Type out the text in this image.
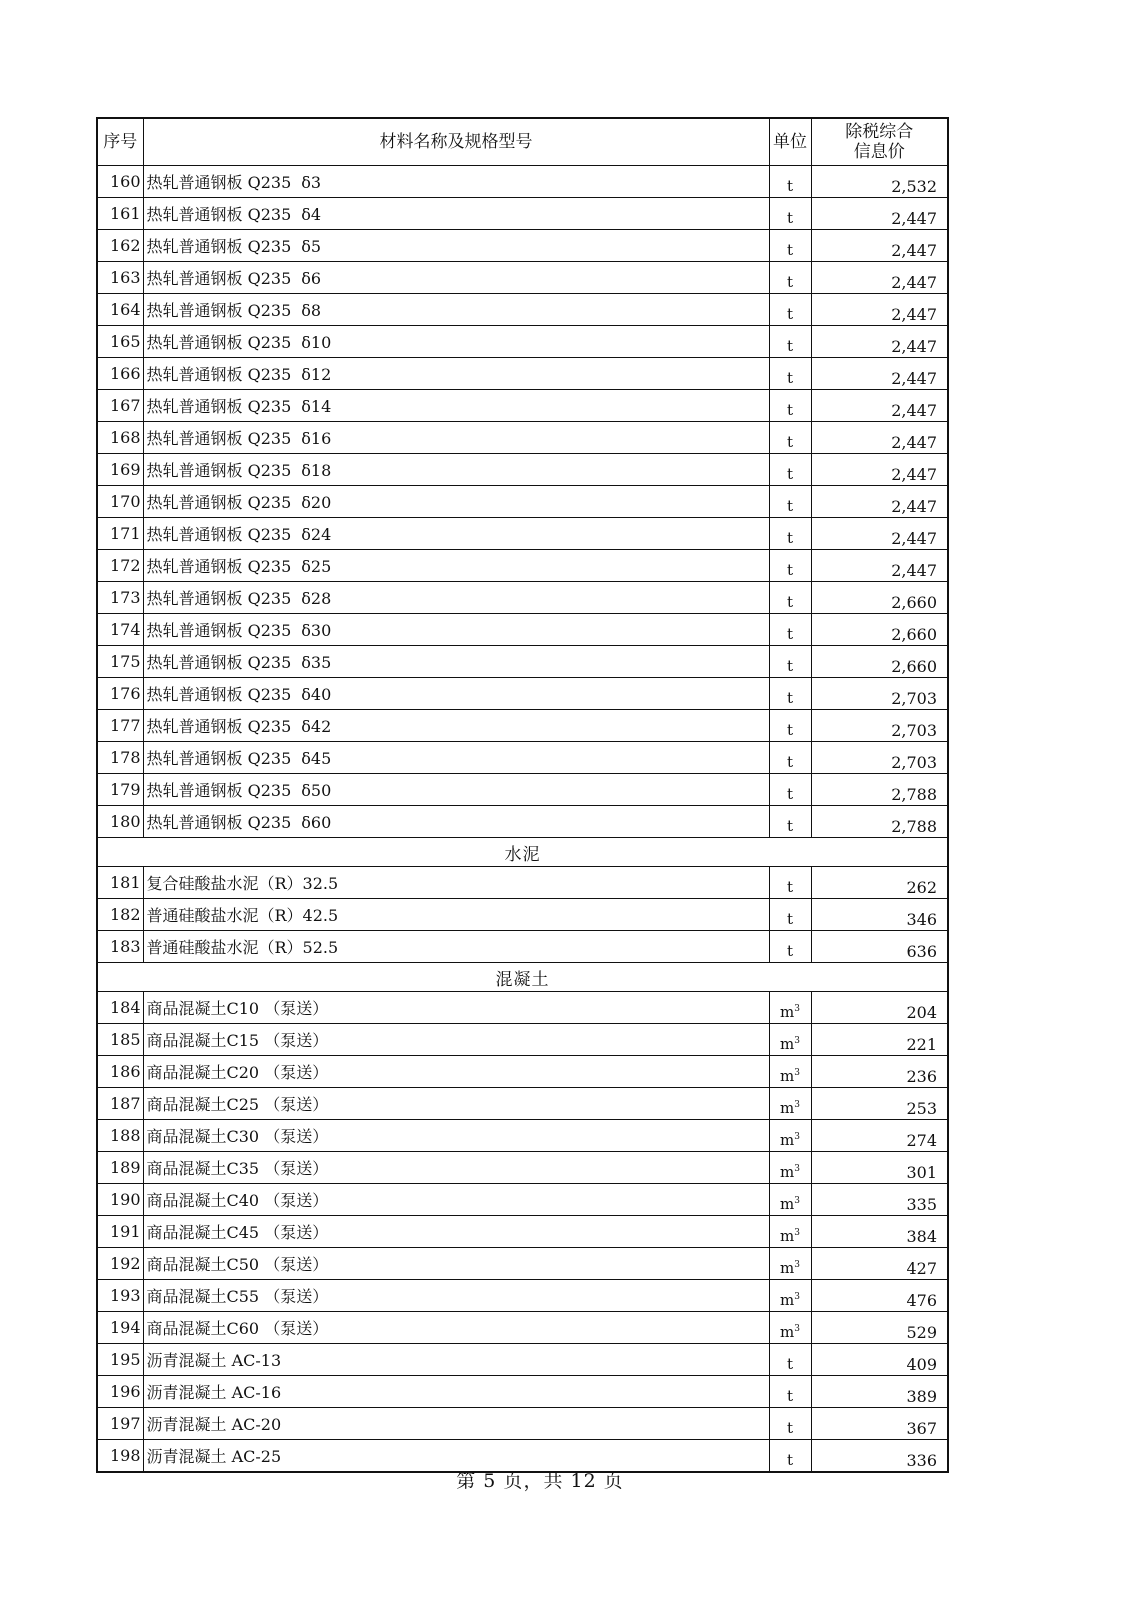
序号	材料名称及规格型号	单位	除税综合
信息价

160	热轧普通钢板 Q235 δ3	t	2,532
161	热轧普通钢板 Q235 δ4	t	2,447
162	热轧普通钢板 Q235 δ5	t	2,447
163	热轧普通钢板 Q235 δ6	t	2,447
164	热轧普通钢板 Q235 δ8	t	2,447
165	热轧普通钢板 Q235 δ10	t	2,447
166	热轧普通钢板 Q235 δ12	t	2,447
167	热轧普通钢板 Q235 δ14	t	2,447
168	热轧普通钢板 Q235 δ16	t	2,447
169	热轧普通钢板 Q235 δ18	t	2,447
170	热轧普通钢板 Q235 δ20	t	2,447
171	热轧普通钢板 Q235 δ24	t	2,447
172	热轧普通钢板 Q235 δ25	t	2,447
173	热轧普通钢板 Q235 δ28	t	2,660
174	热轧普通钢板 Q235 δ30	t	2,660
175	热轧普通钢板 Q235 δ35	t	2,660
176	热轧普通钢板 Q235 δ40	t	2,703
177	热轧普通钢板 Q235 δ42	t	2,703
178	热轧普通钢板 Q235 δ45	t	2,703
179	热轧普通钢板 Q235 δ50	t	2,788
180	热轧普通钢板 Q235 δ60	t	2,788
水泥			
181	复合硅酸盐水泥（R）32.5	t	262
182	普通硅酸盐水泥（R）42.5	t	346
183	普通硅酸盐水泥（R）52.5	t	636
混凝土			
184	商品混凝土C10 （泵送）	$m^3$	204
185	商品混凝土C15 （泵送）	$m^3$	221
186	商品混凝土C20 （泵送）	$m^3$	236
187	商品混凝土C25 （泵送）	$m^3$	253
188	商品混凝土C30 （泵送）	$m^3$	274
189	商品混凝土C35 （泵送）	$m^3$	301
190	商品混凝土C40 （泵送）	$m^3$	335
191	商品混凝土C45 （泵送）	$m^3$	384
192	商品混凝土C50 （泵送）	$m^3$	427
193	商品混凝土C55 （泵送）	$m^3$	476
194	商品混凝土C60 （泵送）	$m^3$	529
195	沥青混凝土 AC-13	t	409
196	沥青混凝土 AC-16	t	389
197	沥青混凝土 AC-20	t	367
198	沥青混凝土 AC-25	t	336
第 5 页，共 12 页
